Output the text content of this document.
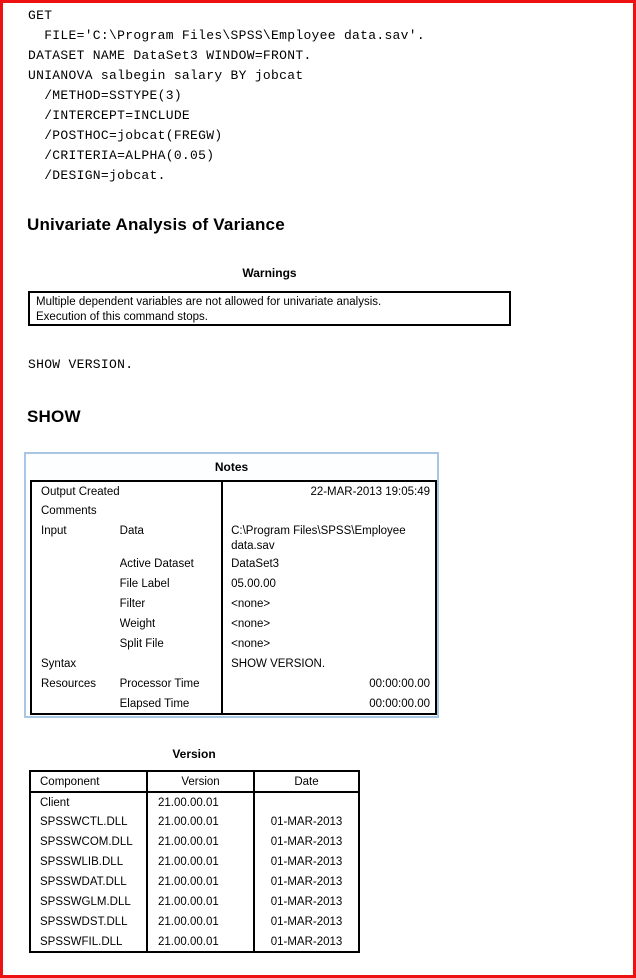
GET
FILE='C:\Program Files\SPSS\Employee data.sav'.
DATASET NAME DataSet3 WINDOW=FRONT.
UNIANOVA salbegin salary BY jobcat
/METHOD=SSTYPE(3)
/INTERCEPT=INCLUDE
/POSTHOC=jobcat(FREGW)
/CRITERIA=ALPHA(0.05)
/DESIGN=jobcat.
Univariate Analysis of Variance
Warnings
Multiple dependent variables are not allowed for univariate analysis.
Execution of this command stops.
SHOW VERSION.
SHOW
Notes
Output Created		22-MAR-2013 19:05:49
Comments		
Input	Data	C:\Program Files\SPSS\Employee data.sav
	Active Dataset	DataSet3
	File Label	05.00.00
	Filter	<none>
	Weight	<none>
	Split File	<none>
Syntax		SHOW VERSION.
Resources	Processor Time	00:00:00.00
	Elapsed Time	00:00:00.00
Version
Component	Version	Date
Client	21.00.00.01	
SPSSWCTL.DLL	21.00.00.01	01-MAR-2013
SPSSWCOM.DLL	21.00.00.01	01-MAR-2013
SPSSWLIB.DLL	21.00.00.01	01-MAR-2013
SPSSWDAT.DLL	21.00.00.01	01-MAR-2013
SPSSWGLM.DLL	21.00.00.01	01-MAR-2013
SPSSWDST.DLL	21.00.00.01	01-MAR-2013
SPSSWFIL.DLL	21.00.00.01	01-MAR-2013
